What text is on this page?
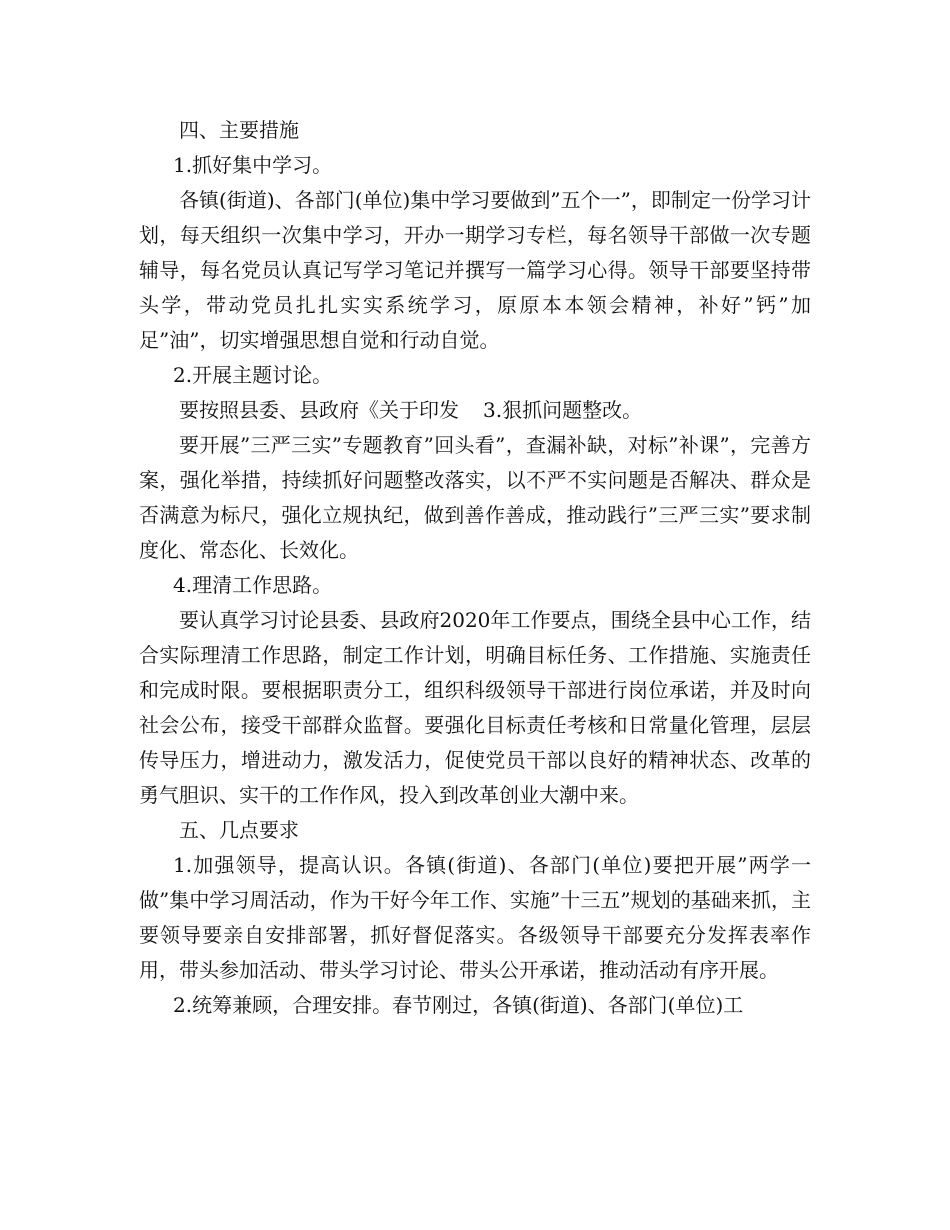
四、主要措施

1.抓好集中学习。

各镇(街道)、各部门(单位)集中学习要做到”五个一”，即制定一份学习计划，每天组织一次集中学习，开办一期学习专栏，每名领导干部做一次专题辅导，每名党员认真记写学习笔记并撰写一篇学习心得。领导干部要坚持带头学，带动党员扎扎实实系统学习，原原本本领会精神，补好”钙”加足”油”，切实增强思想自觉和行动自觉。

2.开展主题讨论。

要按照县委、县政府《关于印发 3.狠抓问题整改。

要开展”三严三实”专题教育”回头看”，查漏补缺，对标”补课”，完善方案，强化举措，持续抓好问题整改落实，以不严不实问题是否解决、群众是否满意为标尺，强化立规执纪，做到善作善成，推动践行”三严三实”要求制度化、常态化、长效化。

4.理清工作思路。

要认真学习讨论县委、县政府2020年工作要点，围绕全县中心工作，结合实际理清工作思路，制定工作计划，明确目标任务、工作措施、实施责任和完成时限。要根据职责分工，组织科级领导干部进行岗位承诺，并及时向社会公布，接受干部群众监督。要强化目标责任考核和日常量化管理，层层传导压力，增进动力，激发活力，促使党员干部以良好的精神状态、改革的勇气胆识、实干的工作作风，投入到改革创业大潮中来。

五、几点要求

1.加强领导，提高认识。各镇(街道)、各部门(单位)要把开展”两学一做”集中学习周活动，作为干好今年工作、实施”十三五”规划的基础来抓，主要领导要亲自安排部署，抓好督促落实。各级领导干部要充分发挥表率作用，带头参加活动、带头学习讨论、带头公开承诺，推动活动有序开展。

2.统筹兼顾，合理安排。春节刚过，各镇(街道)、各部门(单位)工
